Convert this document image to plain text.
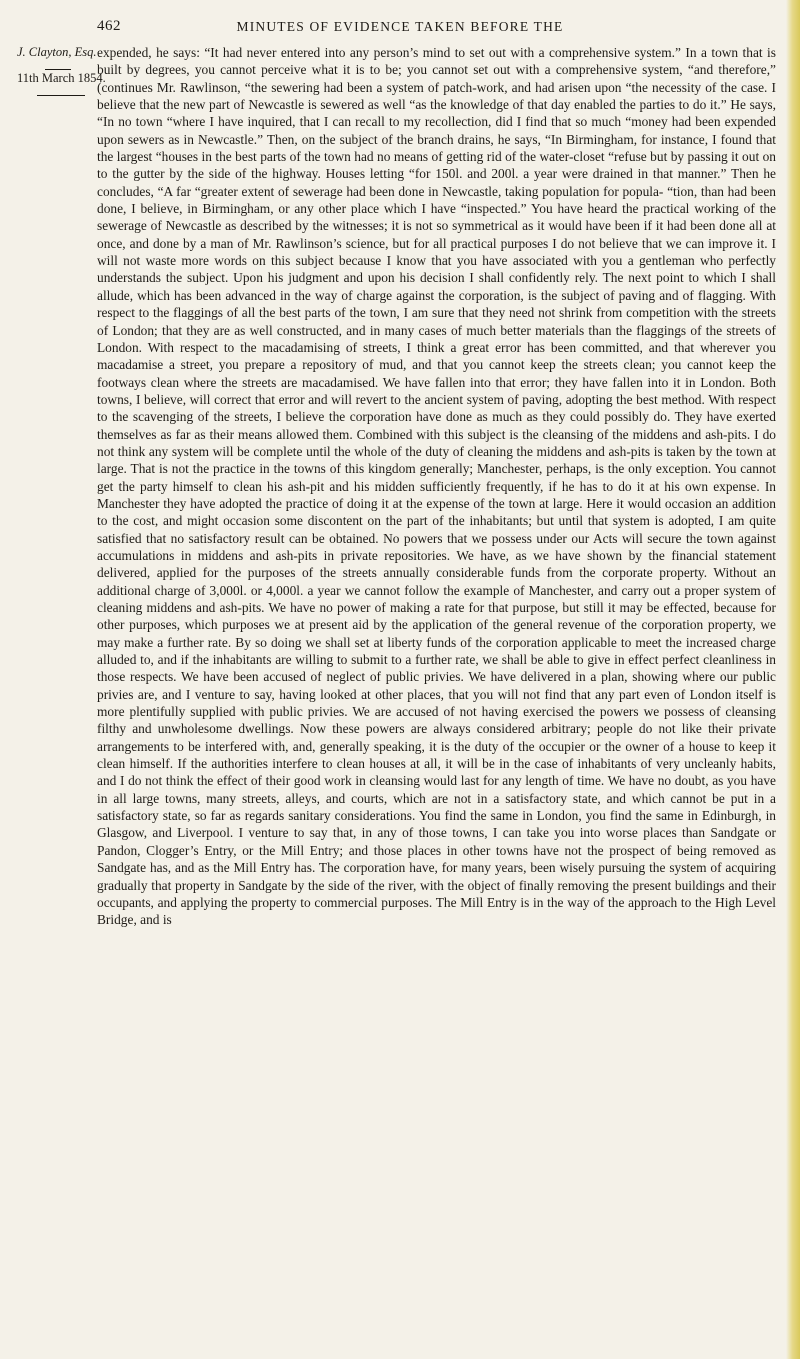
462	MINUTES OF EVIDENCE TAKEN BEFORE THE
J. Clayton, Esq.
11th March 1854.

expended, he says: “It had never entered into any person’s mind to set out with a comprehensive system.” In a town that is built by degrees, you cannot perceive what it is to be; you cannot set out with a comprehensive system, “and therefore,” (continues Mr. Rawlinson, “the sewering had been a system of patch-work, and had arisen upon “the necessity of the case. I believe that the new part of Newcastle is sewered as well “as the knowledge of that day enabled the parties to do it.” He says, “In no town “where I have inquired, that I can recall to my recollection, did I find that so much “money had been expended upon sewers as in Newcastle.” Then, on the subject of the branch drains, he says, “In Birmingham, for instance, I found that the largest “houses in the best parts of the town had no means of getting rid of the water-closet “refuse but by passing it out on to the gutter by the side of the highway. Houses letting “for 150l. and 200l. a year were drained in that manner.” Then he concludes, “A far “greater extent of sewerage had been done in Newcastle, taking population for popula- “tion, than had been done, I believe, in Birmingham, or any other place which I have “inspected.” You have heard the practical working of the sewerage of Newcastle as described by the witnesses; it is not so symmetrical as it would have been if it had been done all at once, and done by a man of Mr. Rawlinson’s science, but for all practical purposes I do not believe that we can improve it. I will not waste more words on this subject because I know that you have associated with you a gentleman who perfectly understands the subject. Upon his judgment and upon his decision I shall confidently rely. The next point to which I shall allude, which has been advanced in the way of charge against the corporation, is the subject of paving and of flagging. With respect to the flaggings of all the best parts of the town, I am sure that they need not shrink from competition with the streets of London; that they are as well constructed, and in many cases of much better materials than the flaggings of the streets of London. With respect to the macadamising of streets, I think a great error has been committed, and that wherever you macadamise a street, you prepare a repository of mud, and that you cannot keep the streets clean; you cannot keep the footways clean where the streets are macadamised. We have fallen into that error; they have fallen into it in London. Both towns, I believe, will correct that error and will revert to the ancient system of paving, adopting the best method. With respect to the scavenging of the streets, I believe the corporation have done as much as they could possibly do. They have exerted themselves as far as their means allowed them. Combined with this subject is the cleansing of the middens and ash-pits. I do not think any system will be complete until the whole of the duty of cleaning the middens and ash-pits is taken by the town at large. That is not the practice in the towns of this kingdom generally; Manchester, perhaps, is the only exception. You cannot get the party himself to clean his ash-pit and his midden sufficiently frequently, if he has to do it at his own expense. In Manchester they have adopted the practice of doing it at the expense of the town at large. Here it would occasion an addition to the cost, and might occasion some discontent on the part of the inhabitants; but until that system is adopted, I am quite satisfied that no satisfactory result can be obtained. No powers that we possess under our Acts will secure the town against accumulations in middens and ash-pits in private repositories. We have, as we have shown by the financial statement delivered, applied for the purposes of the streets annually considerable funds from the corporate property. Without an additional charge of 3,000l. or 4,000l. a year we cannot follow the example of Manchester, and carry out a proper system of cleaning middens and ash-pits. We have no power of making a rate for that purpose, but still it may be effected, because for other purposes, which purposes we at present aid by the application of the general revenue of the corporation property, we may make a further rate. By so doing we shall set at liberty funds of the corporation applicable to meet the increased charge alluded to, and if the inhabitants are willing to submit to a further rate, we shall be able to give in effect perfect cleanliness in those respects. We have been accused of neglect of public privies. We have delivered in a plan, showing where our public privies are, and I venture to say, having looked at other places, that you will not find that any part even of London itself is more plentifully supplied with public privies. We are accused of not having exercised the powers we possess of cleansing filthy and unwholesome dwellings. Now these powers are always considered arbitrary; people do not like their private arrangements to be interfered with, and, generally speaking, it is the duty of the occupier or the owner of a house to keep it clean himself. If the authorities interfere to clean houses at all, it will be in the case of inhabitants of very uncleanly habits, and I do not think the effect of their good work in cleansing would last for any length of time. We have no doubt, as you have in all large towns, many streets, alleys, and courts, which are not in a satisfactory state, and which cannot be put in a satisfactory state, so far as regards sanitary considerations. You find the same in London, you find the same in Edinburgh, in Glasgow, and Liverpool. I venture to say that, in any of those towns, I can take you into worse places than Sandgate or Pandon, Clogger’s Entry, or the Mill Entry; and those places in other towns have not the prospect of being removed as Sandgate has, and as the Mill Entry has. The corporation have, for many years, been wisely pursuing the system of acquiring gradually that property in Sandgate by the side of the river, with the object of finally removing the present buildings and their occupants, and applying the property to commercial purposes. The Mill Entry is in the way of the approach to the High Level Bridge, and is
